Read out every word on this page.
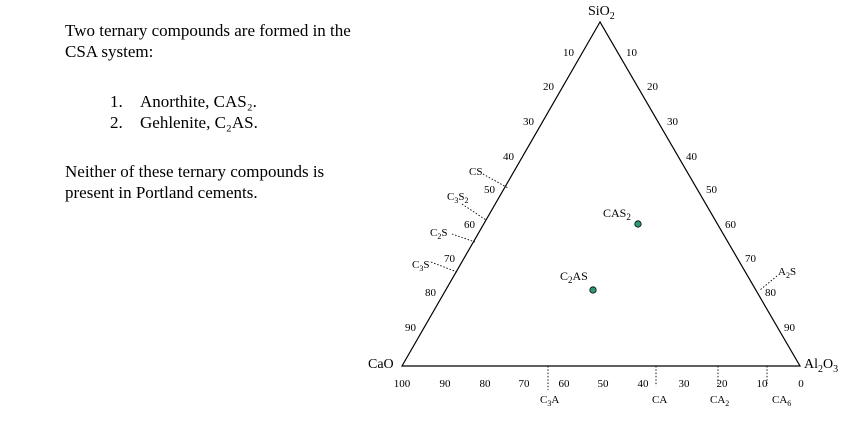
Two ternary compounds are formed in the CSA system:

1. Anorthite, CAS₂.
2. Gehlenite, C₂AS.

Neither of these ternary compounds is present in Portland cements.

SiO$_2$
CaO	$Al_2O_3$
10
20
30
40
50
60
70
80
90
10
20
30
40
50
60
70
80
90
100	90	80	70	60	50	40	30 20	10	0
CS
$C_3S_2$
$C_2S$
$C_3S$
$A_2S$
$C_3A$	CA	$CA_2$	$CA_6$
$CAS_2$
$C_2AS$
